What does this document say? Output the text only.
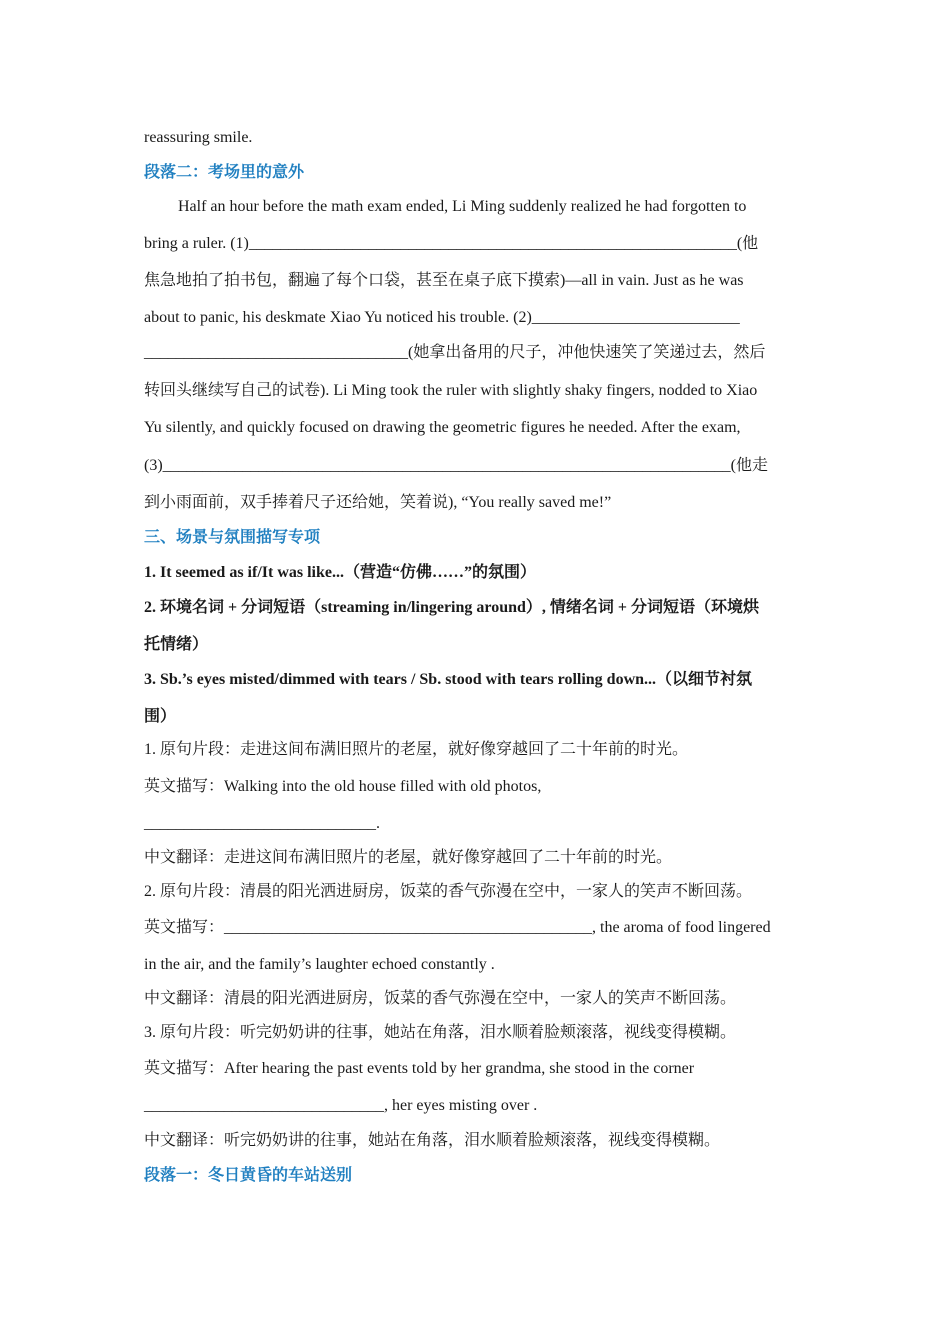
reassuring smile.
段落二：考场里的意外
Half an hour before the math exam ended, Li Ming suddenly realized he had forgotten to
bring a ruler. (1)_____________________________________________________________(他
焦急地拍了拍书包，翻遍了每个口袋，甚至在桌子底下摸索)—all in vain. Just as he was
about to panic, his deskmate Xiao Yu noticed his trouble. (2)__________________________
_________________________________(她拿出备用的尺子，冲他快速笑了笑递过去，然后
转回头继续写自己的试卷). Li Ming took the ruler with slightly shaky fingers, nodded to Xiao
Yu silently, and quickly focused on drawing the geometric figures he needed. After the exam,
(3)_______________________________________________________________________(他走
到小雨面前，双手捧着尺子还给她，笑着说), “You really saved me!”
三、场景与氛围描写专项
1. It seemed as if/It was like...（营造“仿佛……”的氛围）
2. 环境名词 + 分词短语（streaming in/lingering around）, 情绪名词 + 分词短语（环境烘
托情绪）
3. Sb.’s eyes misted/dimmed with tears / Sb. stood with tears rolling down...（以细节衬氛
围）
1. 原句片段：走进这间布满旧照片的老屋，就好像穿越回了二十年前的时光。
英文描写：Walking into the old house filled with old photos,
_____________________________.
中文翻译：走进这间布满旧照片的老屋，就好像穿越回了二十年前的时光。
2. 原句片段：清晨的阳光洒进厨房，饭菜的香气弥漫在空中，一家人的笑声不断回荡。
英文描写：______________________________________________, the aroma of food lingered
in the air, and the family’s laughter echoed constantly .
中文翻译：清晨的阳光洒进厨房，饭菜的香气弥漫在空中，一家人的笑声不断回荡。
3. 原句片段：听完奶奶讲的往事，她站在角落，泪水顺着脸颊滚落，视线变得模糊。
英文描写：After hearing the past events told by her grandma, she stood in the corner
______________________________, her eyes misting over .
中文翻译：听完奶奶讲的往事，她站在角落，泪水顺着脸颊滚落，视线变得模糊。
段落一：冬日黄昏的车站送别
